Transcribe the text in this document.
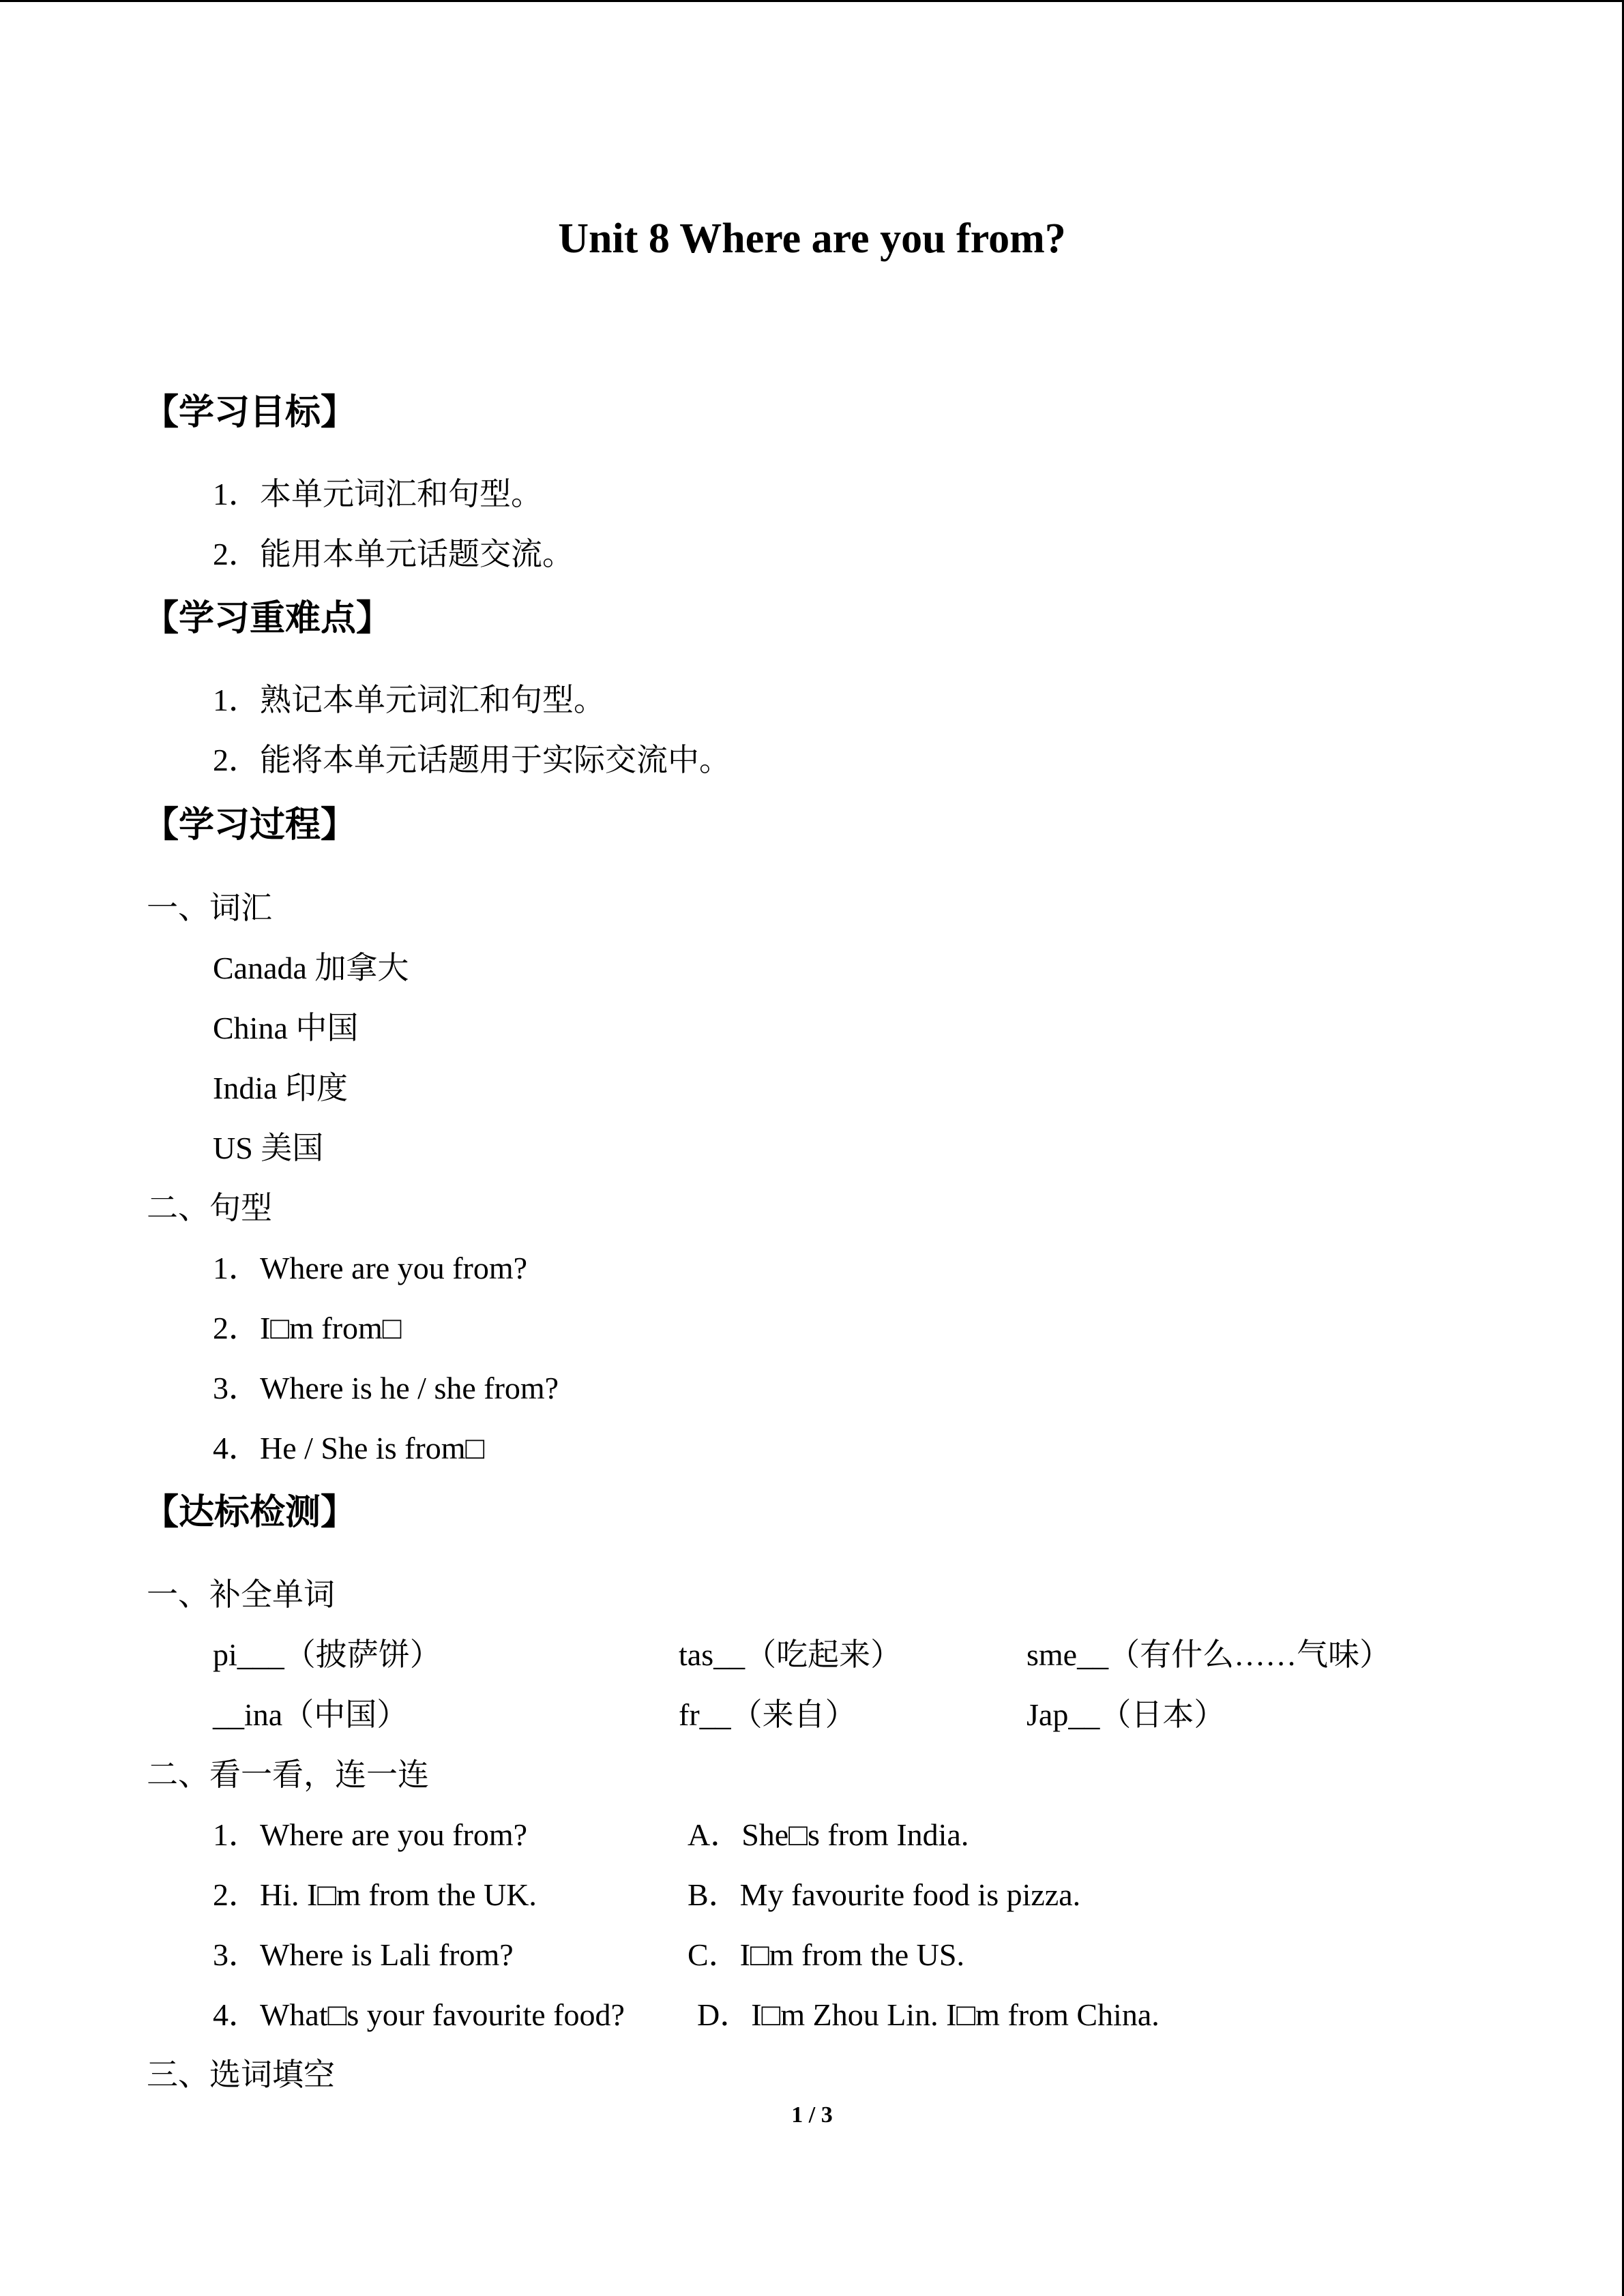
Unit 8 Where are you from?
【学习目标】
1．本单元词汇和句型。
2．能用本单元话题交流。
【学习重难点】
1．熟记本单元词汇和句型。
2．能将本单元话题用于实际交流中。
【学习过程】
一、词汇
Canada 加拿大
China 中国
India 印度
US 美国
二、句型
1．Where are you from?
2．I□m from□
3．Where is he / she from?
4．He / She is from□
【达标检测】
一、补全单词
pi___（披萨饼）	tas__（吃起来）	sme__（有什么……气味）
__ina（中国）	fr__（来自）	Jap__（日本）
二、看一看，连一连
1．Where are you from?	A．She□s from India.
2．Hi. I□m from the UK.	B．My favourite food is pizza.
3．Where is Lali from?	C．I□m from the US.
4．What□s your favourite food? D．I□m Zhou Lin. I□m from China.
三、选词填空
1 / 3
